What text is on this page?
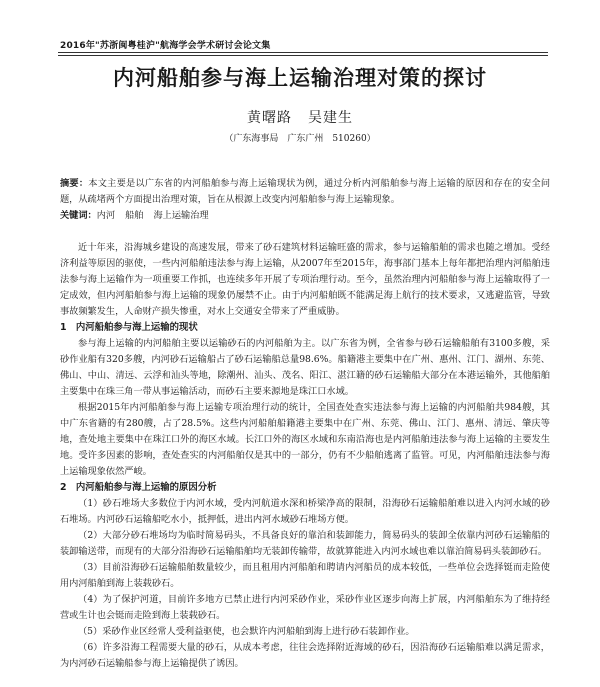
2016年"苏浙闽粤桂沪"航海学会学术研讨会论文集
内河船舶参与海上运输治理对策的探讨
黄曙路 吴建生
（广东海事局　广东广州　510260）
摘要：本文主要是以广东省的内河船舶参与海上运输现状为例，通过分析内河船舶参与海上运输的原因和存在的安全问题，从疏堵两个方面提出治理对策，旨在从根源上改变内河船舶参与海上运输现象。
关键词：内河 船舶 海上运输治理

近十年来，沿海城乡建设的高速发展，带来了砂石建筑材料运输旺盛的需求，参与运输船舶的需求也随之增加。受经济利益等原因的驱使，一些内河船舶违法参与海上运输，从2007年至2015年，海事部门基本上每年都把治理内河船舶违法参与海上运输作为一项重要工作抓，也连续多年开展了专项治理行动。至今，虽然治理内河船舶参与海上运输取得了一定成效，但内河船舶参与海上运输的现象仍屡禁不止。由于内河船舶既不能满足海上航行的技术要求，又逃避监管，导致事故频繁发生，人命财产损失惨重，对水上交通安全带来了严重威胁。

1　内河船舶参与海上运输的现状

参与海上运输的内河船舶主要以运输砂石的内河船舶为主。以广东省为例，全省参与砂石运输船舶有3100多艘，采砂作业船有320多艘，内河砂石运输船占了砂石运输船总量98.6%。船籍港主要集中在广州、惠州、江门、湖州、东莞、佛山、中山、清远、云浮和汕头等地，除潮州、汕头、茂名、阳江、湛江籍的砂石运输船大部分在本港运输外，其他船舶主要集中在珠三角一带从事运输活动，而砂石主要来源地是珠江口水域。

根据2015年内河船舶参与海上运输专项治理行动的统计，全国查处查实违法参与海上运输的内河船舶共984艘，其中广东省籍的有280艘，占了28.5%。这些内河船舶船籍港主要集中在广州、东莞、佛山、江门、惠州、清远、肇庆等地，查处地主要集中在珠江口外的海区水域。长江口外的海区水域和东南沿海也是内河船舶违法参与海上运输的主要发生地。受许多因素的影响，查处查实的内河船舶仅是其中的一部分，仍有不少船舶逃离了监管。可见，内河船舶违法参与海上运输现象依然严峻。

2　内河船舶参与海上运输的原因分析

（1）砂石堆场大多数位于内河水域，受内河航道水深和桥梁净高的限制，沿海砂石运输船舶难以进入内河水域的砂石堆场。内河砂石运输船吃水小，抵押低，进出内河水域砂石堆场方便。

（2）大部分砂石堆场均为临时简易码头，不具备良好的靠泊和装卸能力，简易码头的装卸全依靠内河砂石运输船的装卸输送带，而现有的大部分沿海砂石运输船舶均无装卸传输带，故就算能进入内河水域也难以靠泊简易码头装卸砂石。

（3）目前沿海砂石运输船舶数量较少，而且租用内河船舶和聘请内河船员的成本较低，一些单位会选择铤而走险使用内河船舶到海上装载砂石。

（4）为了保护河道，目前许多地方已禁止进行内河采砂作业，采砂作业区逐步向海上扩展，内河船舶东为了维持经营或生计也会铤而走险到海上装载砂石。

（5）采砂作业区经常人受利益驱使，也会默许内河船舶到海上进行砂石装卸作业。

（6）许多沿海工程需要大量的砂石，从成本考虑，往往会选择附近海域的砂石，因沿海砂石运输船难以满足需求，为内河砂石运输船参与海上运输提供了诱因。
